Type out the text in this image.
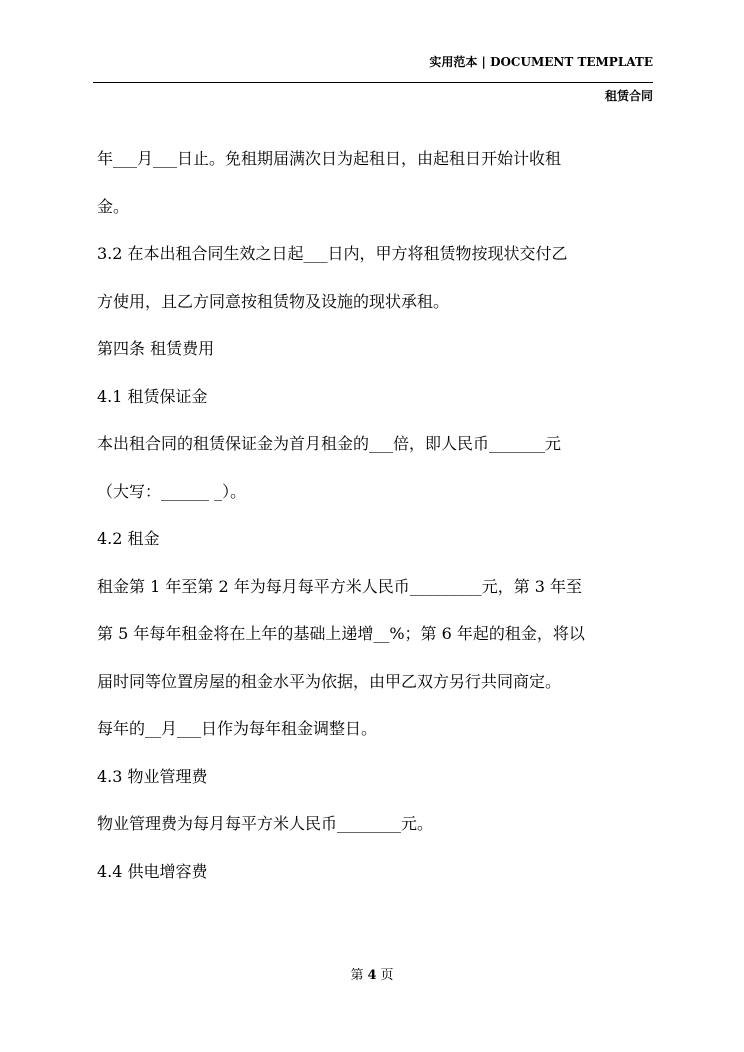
实用范本 | DOCUMENT TEMPLATE
租赁合同
年___月___日止。免租期届满次日为起租日，由起租日开始计收租
金。
3.2 在本出租合同生效之日起___日内，甲方将租赁物按现状交付乙
方使用，且乙方同意按租赁物及设施的现状承租。
第四条 租赁费用
4.1 租赁保证金
本出租合同的租赁保证金为首月租金的___倍，即人民币_______元
（大写：______ _）。
4.2 租金
租金第 1 年至第 2 年为每月每平方米人民币_________元，第 3 年至
第 5 年每年租金将在上年的基础上递增__%；第 6 年起的租金，将以
届时同等位置房屋的租金水平为依据，由甲乙双方另行共同商定。
每年的__月___日作为每年租金调整日。
4.3 物业管理费
物业管理费为每月每平方米人民币________元。
4.4 供电增容费
第 4 页
